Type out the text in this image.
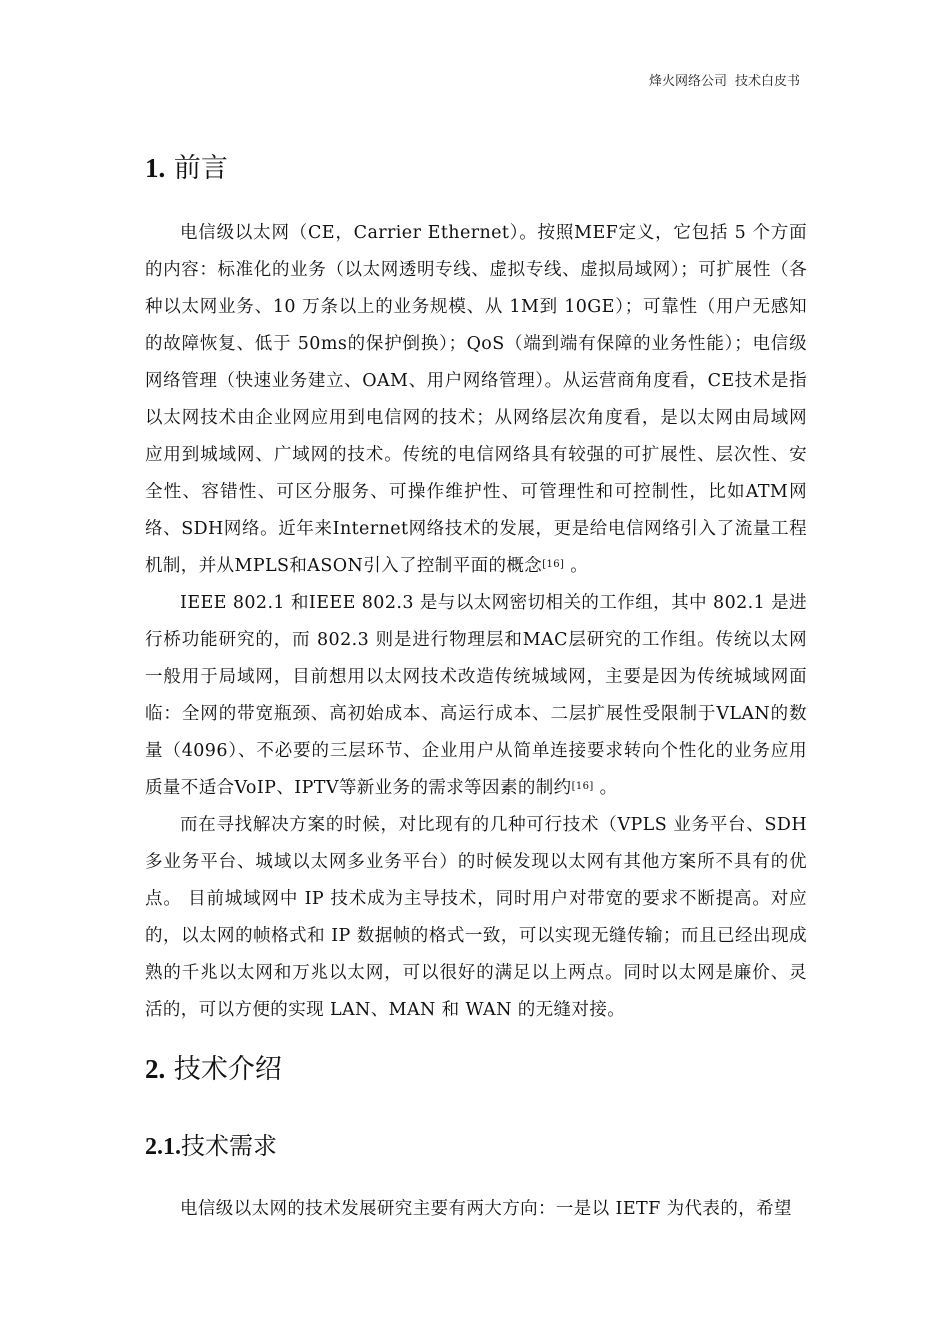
烽火网络公司 技术白皮书
1. 前言

电信级以太网（CE，Carrier Ethernet）。按照MEF定义，它包括 5 个方面的内容：标准化的业务（以太网透明专线、虚拟专线、虚拟局域网）；可扩展性（各种以太网业务、10 万条以上的业务规模、从 1M到 10GE）；可靠性（用户无感知的故障恢复、低于 50ms的保护倒换）；QoS（端到端有保障的业务性能）；电信级网络管理（快速业务建立、OAM、用户网络管理）。从运营商角度看，CE技术是指以太网技术由企业网应用到电信网的技术；从网络层次角度看，是以太网由局域网应用到城域网、广域网的技术。传统的电信网络具有较强的可扩展性、层次性、安全性、容错性、可区分服务、可操作维护性、可管理性和可控制性，比如ATM网络、SDH网络。近年来Internet网络技术的发展，更是给电信网络引入了流量工程机制，并从MPLS和ASON引入了控制平面的概念[16] 。

IEEE 802.1 和IEEE 802.3 是与以太网密切相关的工作组，其中 802.1 是进行桥功能研究的，而 802.3 则是进行物理层和MAC层研究的工作组。传统以太网一般用于局域网，目前想用以太网技术改造传统城域网，主要是因为传统城域网面临：全网的带宽瓶颈、高初始成本、高运行成本、二层扩展性受限制于VLAN的数量（4096）、不必要的三层环节、企业用户从简单连接要求转向个性化的业务应用质量不适合VoIP、IPTV等新业务的需求等因素的制约[16] 。

而在寻找解决方案的时候，对比现有的几种可行技术（VPLS 业务平台、SDH 多业务平台、城域以太网多业务平台）的时候发现以太网有其他方案所不具有的优点。 目前城域网中 IP 技术成为主导技术，同时用户对带宽的要求不断提高。对应的，以太网的帧格式和 IP 数据帧的格式一致，可以实现无缝传输；而且已经出现成熟的千兆以太网和万兆以太网，可以很好的满足以上两点。同时以太网是廉价、灵活的，可以方便的实现 LAN、MAN 和 WAN 的无缝对接。

2. 技术介绍
2.1.技术需求

电信级以太网的技术发展研究主要有两大方向：一是以 IETF 为代表的，希望
